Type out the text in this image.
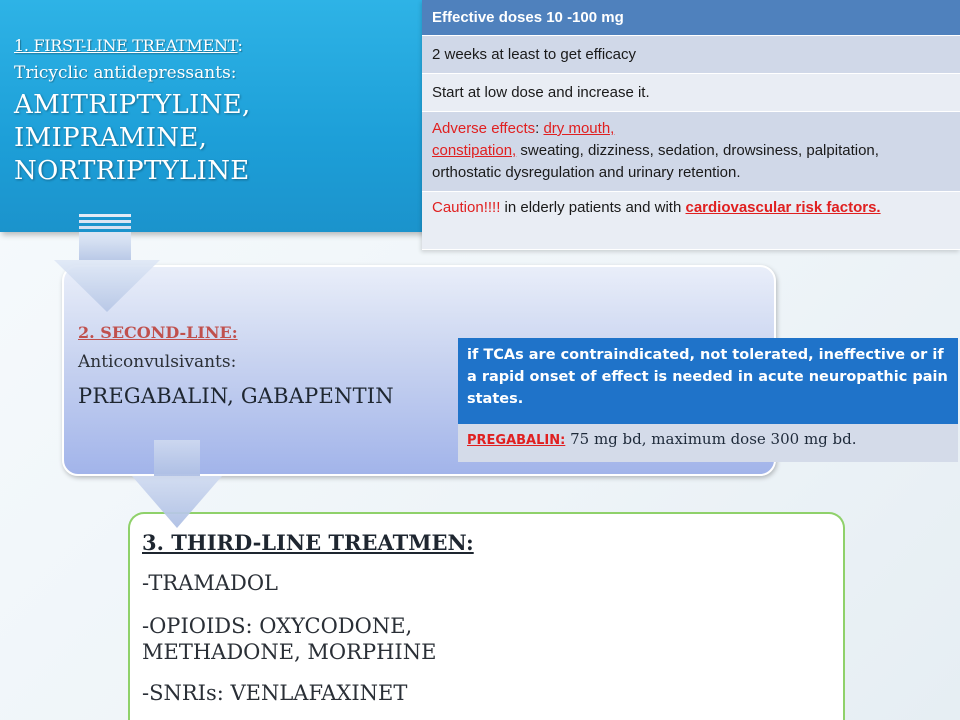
1. FIRST-LINE TREATMENT:
Tricyclic antidepressants:
AMITRIPTYLINE,
IMIPRAMINE,
NORTRIPTYLINE
2. SECOND-LINE:
Anticonvulsivants:
PREGABALIN, GABAPENTIN
3. THIRD-LINE TREATMEN:
-TRAMADOL
-OPIOIDS: OXYCODONE,
METHADONE, MORPHINE
-SNRIs: VENLAFAXINET
Effective doses 10 -100 mg
2 weeks at least to get efficacy
Start at low dose and increase it.
Adverse effects: dry mouth,
constipation, sweating, dizziness, sedation, drowsiness, palpitation, orthostatic dysregulation and urinary retention.
Caution!!!! in elderly patients and with cardiovascular risk factors.
if TCAs are contraindicated, not tolerated, ineffective or if a rapid onset of effect is needed in acute neuropathic pain states.
PREGABALIN: 75 mg bd, maximum dose 300 mg bd.
